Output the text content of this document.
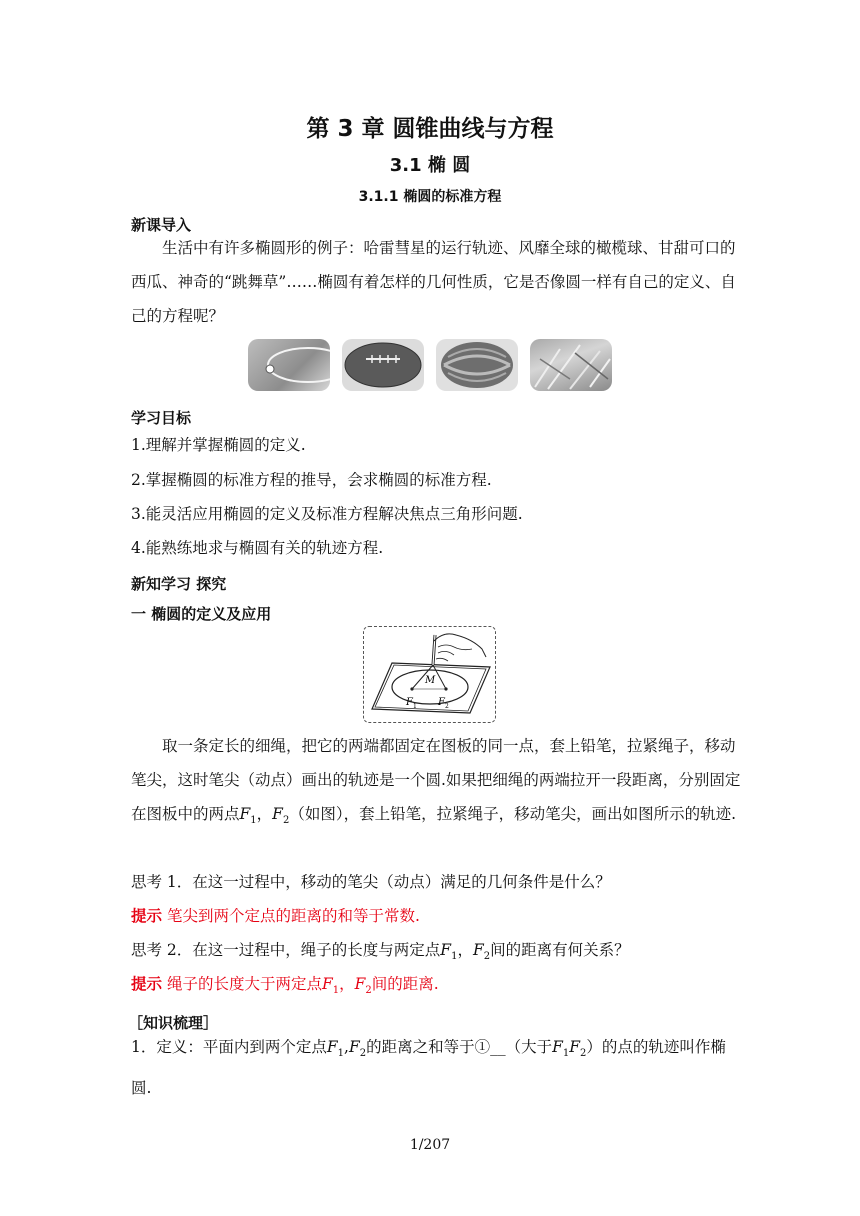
第 3 章 圆锥曲线与方程
3.1 椭 圆
3.1.1 椭圆的标准方程
新课导入
生活中有许多椭圆形的例子：哈雷彗星的运行轨迹、风靡全球的橄榄球、甘甜可口的西瓜、神奇的“跳舞草”……椭圆有着怎样的几何性质，它是否像圆一样有自己的定义、自己的方程呢？
学习目标
1.理解并掌握椭圆的定义.
2.掌握椭圆的标准方程的推导，会求椭圆的标准方程.
3.能灵活应用椭圆的定义及标准方程解决焦点三角形问题.
4.能熟练地求与椭圆有关的轨迹方程.
新知学习 探究
一 椭圆的定义及应用
M
F 1 F 2
取一条定长的细绳，把它的两端都固定在图板的同一点，套上铅笔，拉紧绳子，移动笔尖，这时笔尖（动点）画出的轨迹是一个圆.如果把细绳的两端拉开一段距离，分别固定在图板中的两点$F_1$，$F_2$（如图），套上铅笔，拉紧绳子，移动笔尖，画出如图所示的轨迹.
思考 1．在这一过程中，移动的笔尖（动点）满足的几何条件是什么？
提示 笔尖到两个定点的距离的和等于常数.
思考 2．在这一过程中，绳子的长度与两定点$F_1$，$F_2$间的距离有何关系？
提示 绳子的长度大于两定点$F_1$，$F_2$间的距离.
［知识梳理］
1．定义：平面内到两个定点$F_1,F_2$的距离之和等于①__（大于$F_1F_2$）的点的轨迹叫作椭圆.
1/207
